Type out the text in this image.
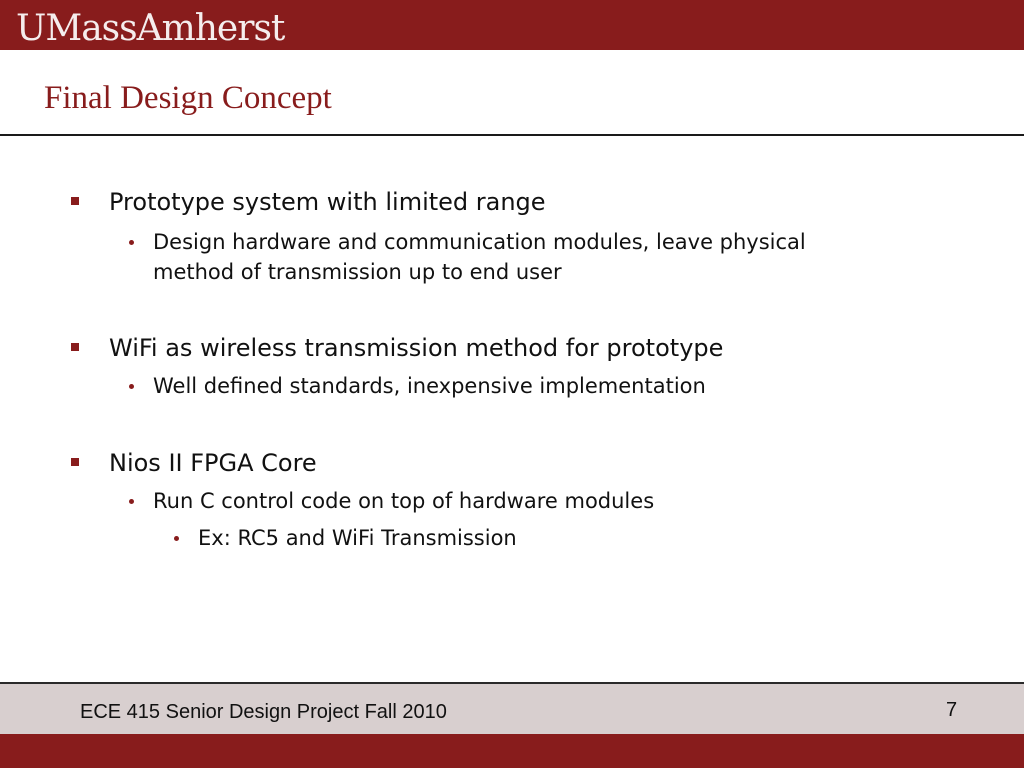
UMassAmherst
Final Design Concept
Prototype system with limited range
Design hardware and communication modules, leave physical
method of transmission up to end user
WiFi as wireless transmission method for prototype
Well defined standards, inexpensive implementation
Nios II FPGA Core
Run C control code on top of hardware modules
Ex: RC5 and WiFi Transmission
ECE 415 Senior Design Project Fall 2010	7
